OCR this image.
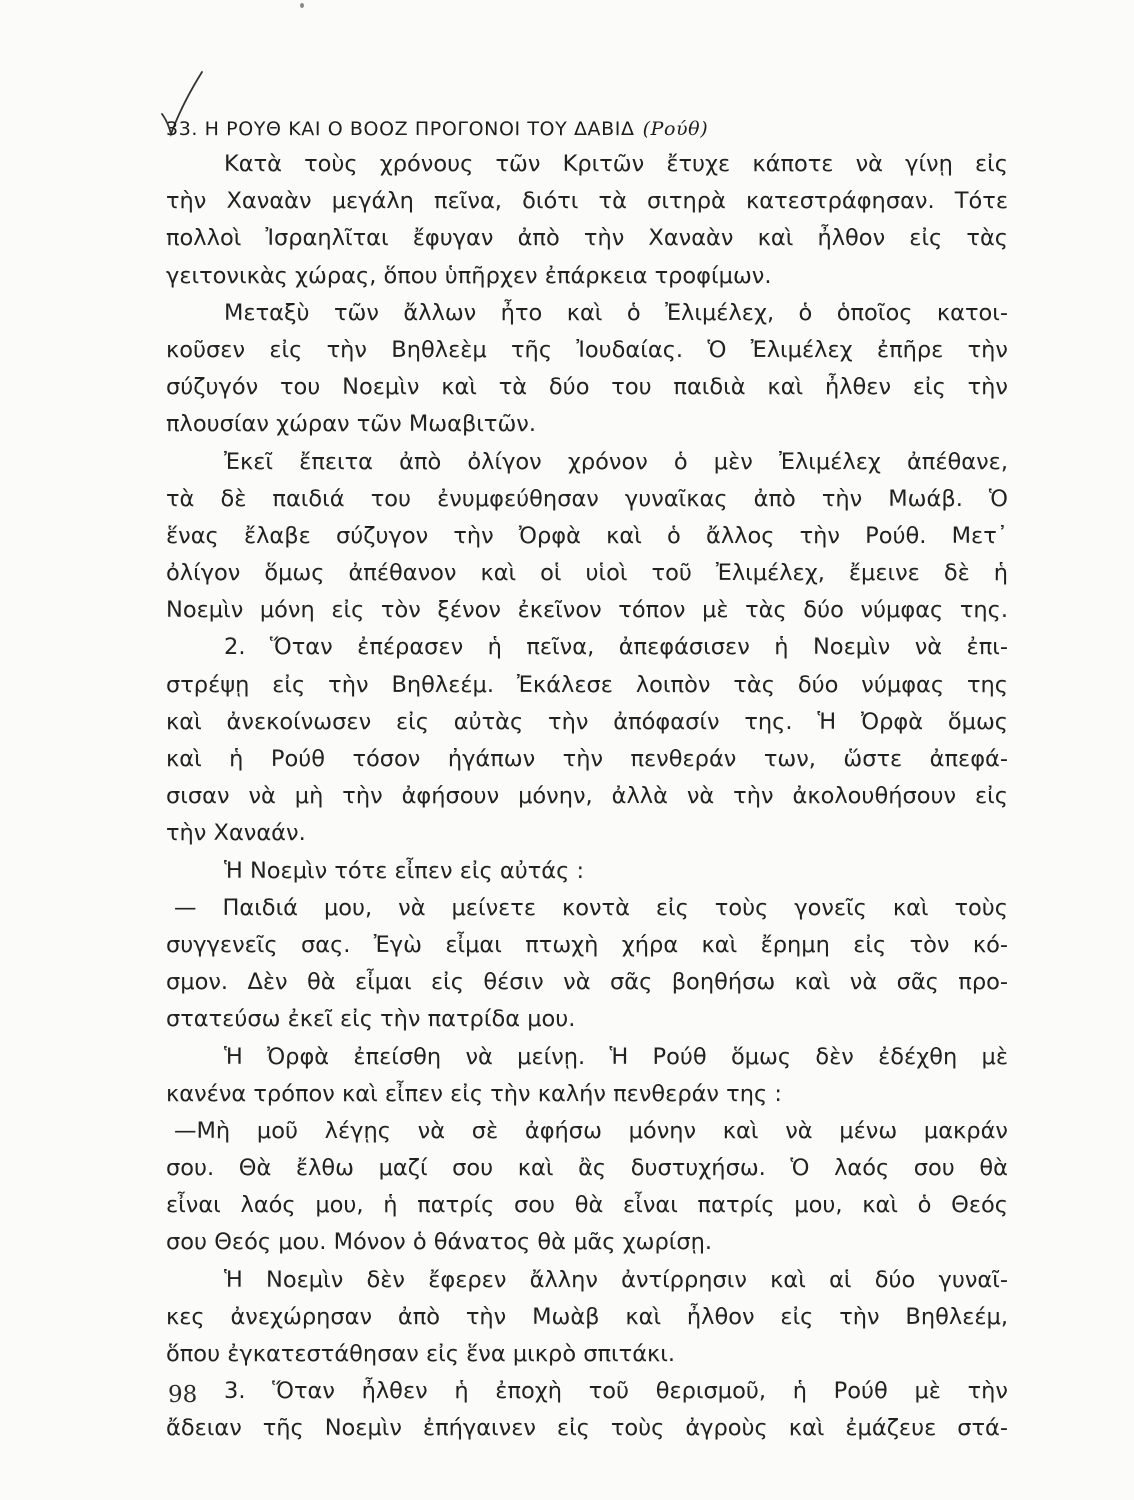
33. Η ΡΟΥΘ ΚΑΙ Ο ΒΟΟΖ ΠΡΟΓΟΝΟΙ ΤΟΥ ΔΑΒΙΔ (Ρούθ)
Κατὰ τοὺς χρόνους τῶν Κριτῶν ἔτυχε κάποτε νὰ γίνῃ εἰς
τὴν Χαναὰν μεγάλη πεῖνα, διότι τὰ σιτηρὰ κατεστράφησαν. Τότε
πολλοὶ Ἰσραηλῖται ἔφυγαν ἀπὸ τὴν Χαναὰν καὶ ἦλθον εἰς τὰς
γειτονικὰς χώρας, ὅπου ὑπῆρχεν ἐπάρκεια τροφίμων.
Μεταξὺ τῶν ἄλλων ἦτο καὶ ὁ Ἐλιμέλεχ, ὁ ὁποῖος κατοι-
κοῦσεν εἰς τὴν Βηθλεὲμ τῆς Ἰουδαίας. Ὁ Ἐλιμέλεχ ἐπῆρε τὴν
σύζυγόν του Νοεμὶν καὶ τὰ δύο του παιδιὰ καὶ ἦλθεν εἰς τὴν
πλουσίαν χώραν τῶν Μωαβιτῶν.
Ἐκεῖ ἔπειτα ἀπὸ ὀλίγον χρόνον ὁ μὲν Ἐλιμέλεχ ἀπέθανε,
τὰ δὲ παιδιά του ἐνυμφεύθησαν γυναῖκας ἀπὸ τὴν Μωάβ. Ὁ
ἕνας ἔλαβε σύζυγον τὴν Ὀρφὰ καὶ ὁ ἄλλος τὴν Ρούθ. Μετ᾿
ὀλίγον ὅμως ἀπέθανον καὶ οἱ υἱοὶ τοῦ Ἐλιμέλεχ, ἔμεινε δὲ ἡ
Νοεμὶν μόνη εἰς τὸν ξένον ἐκεῖνον τόπον μὲ τὰς δύο νύμφας της.
2. Ὅταν ἐπέρασεν ἡ πεῖνα, ἀπεφάσισεν ἡ Νοεμὶν νὰ ἐπι-
στρέψῃ εἰς τὴν Βηθλεέμ. Ἐκάλεσε λοιπὸν τὰς δύο νύμφας της
καὶ ἀνεκοίνωσεν εἰς αὐτὰς τὴν ἀπόφασίν της. Ἡ Ὀρφὰ ὅμως
καὶ ἡ Ρούθ τόσον ἠγάπων τὴν πενθεράν των, ὥστε ἀπεφά-
σισαν νὰ μὴ τὴν ἀφήσουν μόνην, ἀλλὰ νὰ τὴν ἀκολουθήσουν εἰς
τὴν Χαναάν.
Ἡ Νοεμὶν τότε εἶπεν εἰς αὐτάς :
— Παιδιά μου, νὰ μείνετε κοντὰ εἰς τοὺς γονεῖς καὶ τοὺς
συγγενεῖς σας. Ἐγὼ εἶμαι πτωχὴ χήρα καὶ ἔρημη εἰς τὸν κό-
σμον. Δὲν θὰ εἶμαι εἰς θέσιν νὰ σᾶς βοηθήσω καὶ νὰ σᾶς προ-
στατεύσω ἐκεῖ εἰς τὴν πατρίδα μου.
Ἡ Ὀρφὰ ἐπείσθη νὰ μείνῃ. Ἡ Ρούθ ὅμως δὲν ἐδέχθη μὲ
κανένα τρόπον καὶ εἶπεν εἰς τὴν καλήν πενθεράν της :
—Μὴ μοῦ λέγῃς νὰ σὲ ἀφήσω μόνην καὶ νὰ μένω μακράν
σου. Θὰ ἔλθω μαζί σου καὶ ἂς δυστυχήσω. Ὁ λαός σου θὰ
εἶναι λαός μου, ἡ πατρίς σου θὰ εἶναι πατρίς μου, καὶ ὁ Θεός
σου Θεός μου. Μόνον ὁ θάνατος θὰ μᾶς χωρίσῃ.
Ἡ Νοεμὶν δὲν ἔφερεν ἄλλην ἀντίρρησιν καὶ αἱ δύο γυναῖ-
κες ἀνεχώρησαν ἀπὸ τὴν Μωὰβ καὶ ἦλθον εἰς τὴν Βηθλεέμ,
ὅπου ἐγκατεστάθησαν εἰς ἕνα μικρὸ σπιτάκι.
3. Ὅταν ἦλθεν ἡ ἐποχὴ τοῦ θερισμοῦ, ἡ Ρούθ μὲ τὴν
ἄδειαν τῆς Νοεμὶν ἐπήγαινεν εἰς τοὺς ἀγροὺς καὶ ἐμάζευε στά-
98
